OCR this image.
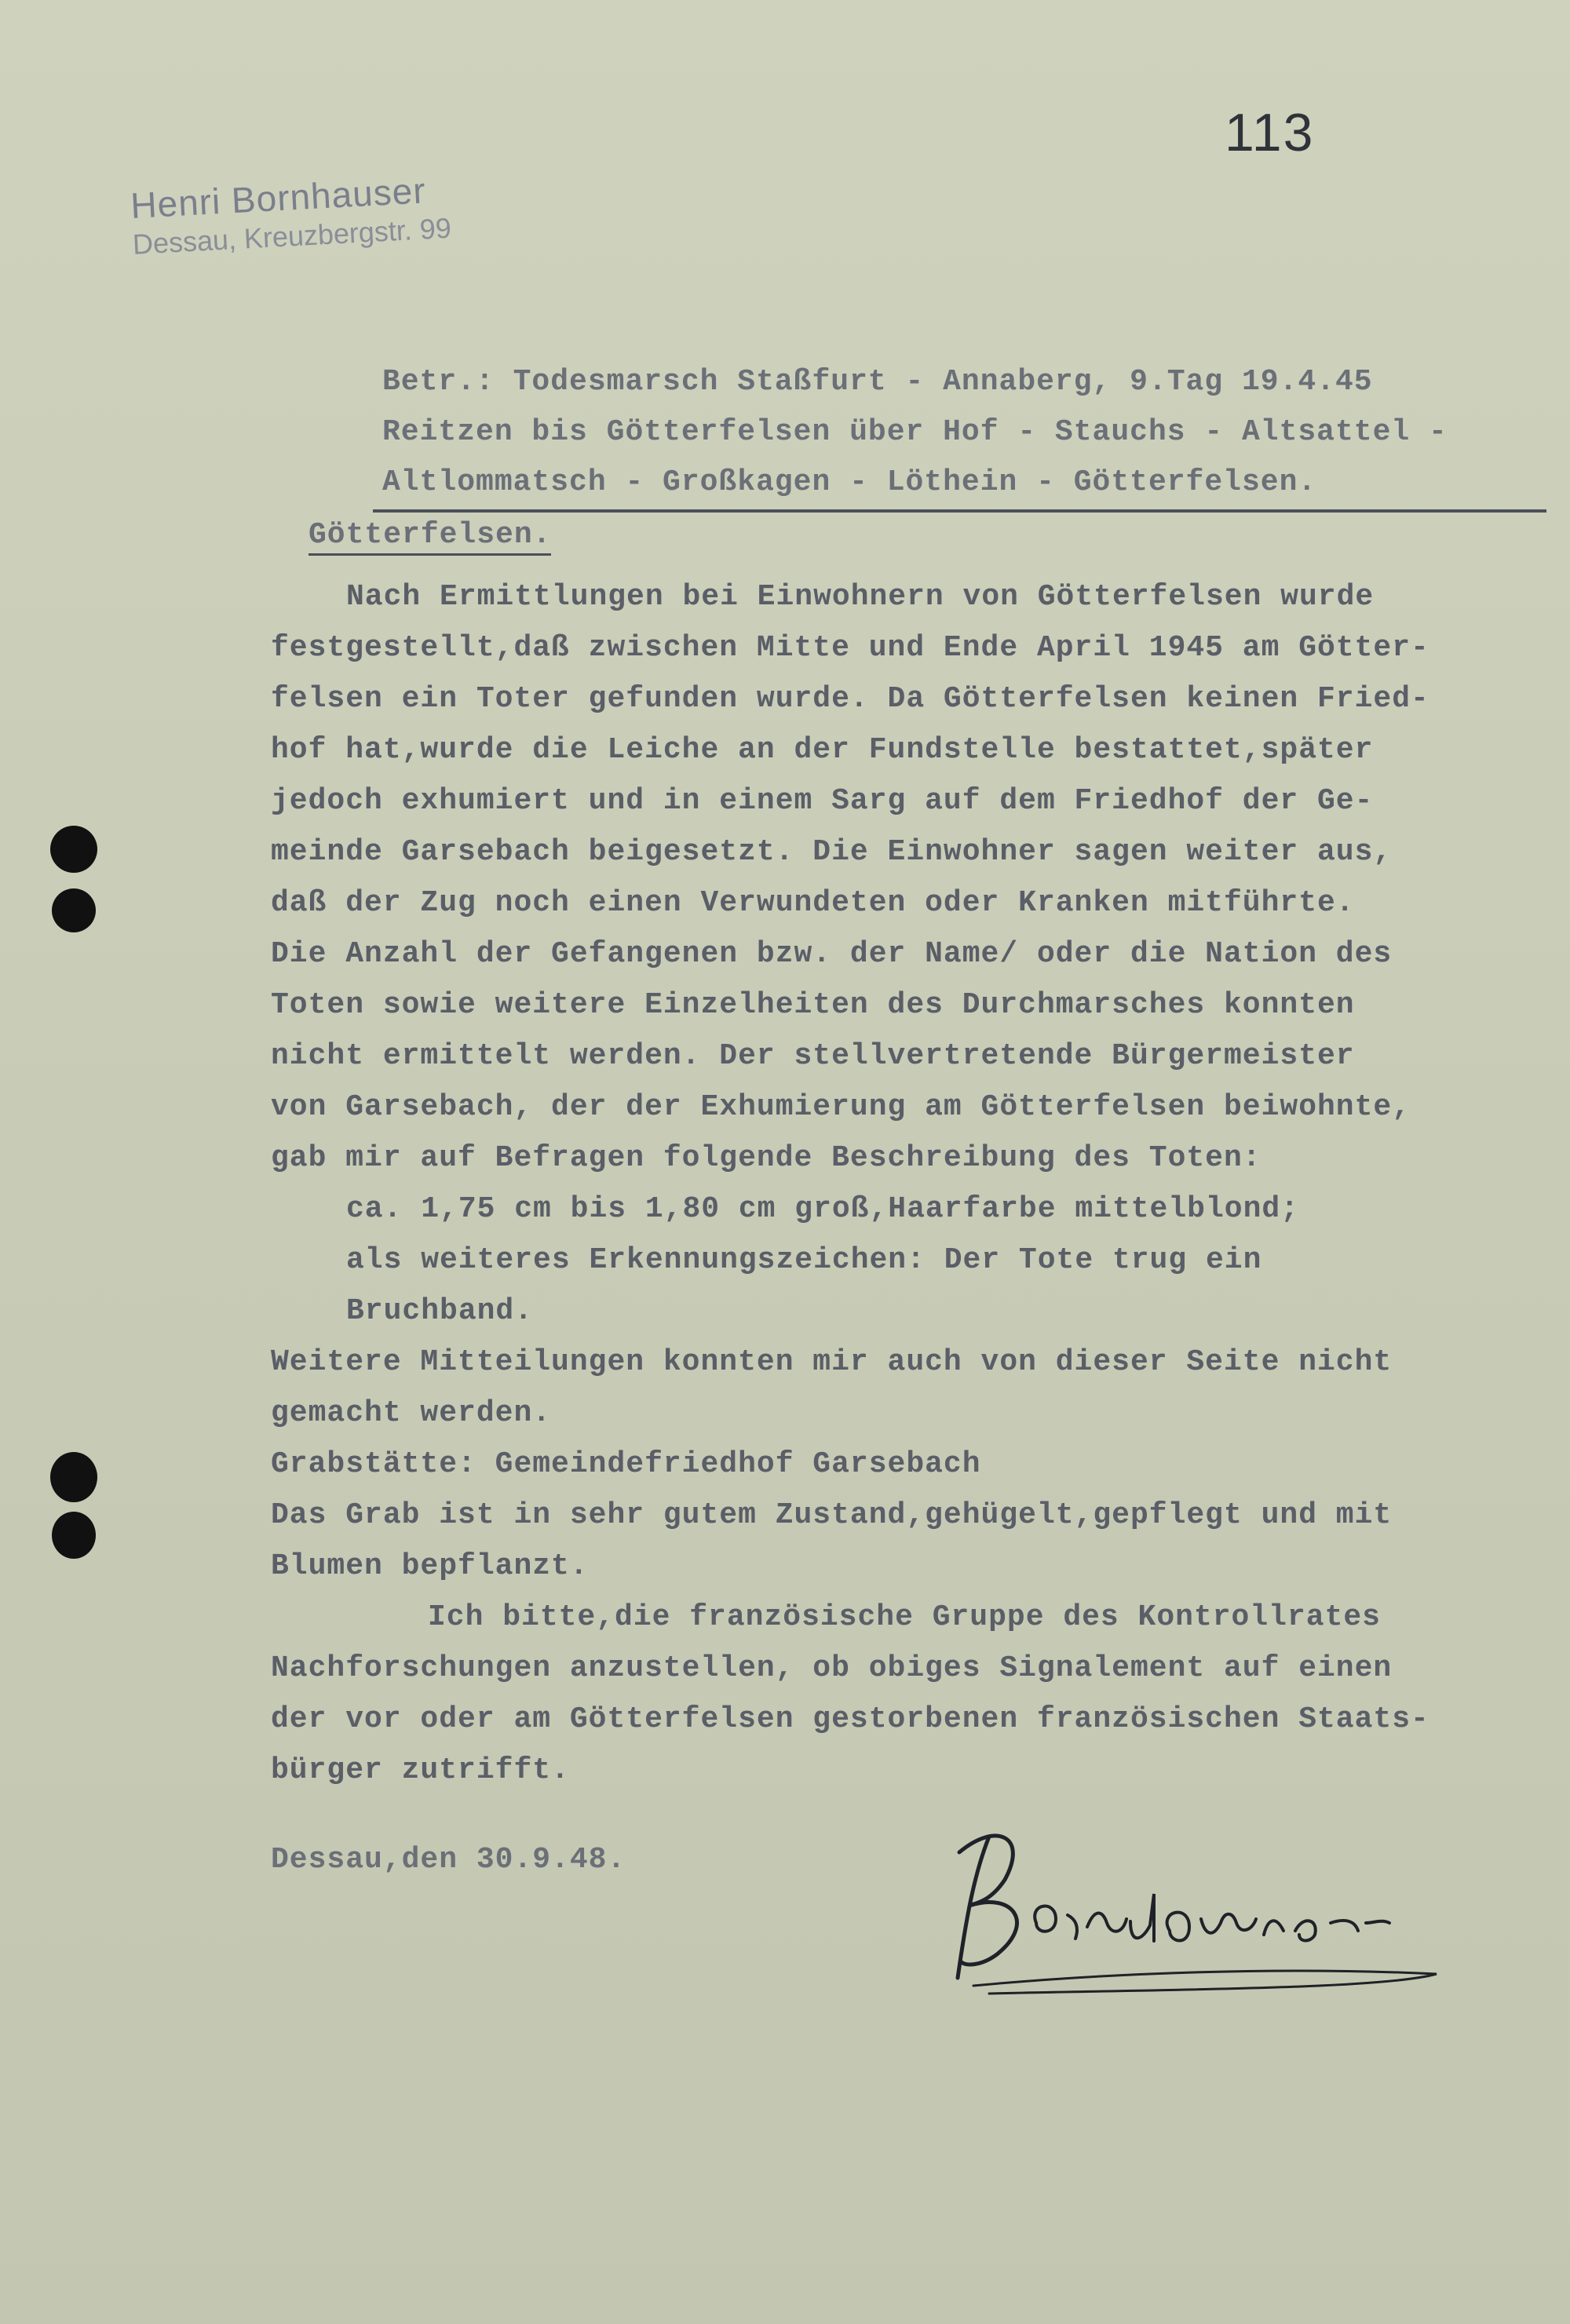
113
Henri Bornhauser
Dessau, Kreuzbergstr. 99
Betr.: Todesmarsch Staßfurt - Annaberg, 9.Tag 19.4.45
Reitzen bis Götterfelsen über Hof - Stauchs - Altsattel -
Altlommatsch - Großkagen - Löthein - Götterfelsen.
Götterfelsen.
Nach Ermittlungen bei Einwohnern von Götterfelsen wurde
festgestellt,daß zwischen Mitte und Ende April 1945 am Götter-
felsen ein Toter gefunden wurde. Da Götterfelsen keinen Fried-
hof hat,wurde die Leiche an der Fundstelle bestattet,später
jedoch exhumiert und in einem Sarg auf dem Friedhof der Ge-
meinde Garsebach beigesetzt. Die Einwohner sagen weiter aus,
daß der Zug noch einen Verwundeten oder Kranken mitführte.
Die Anzahl der Gefangenen bzw. der Name/ oder die Nation des
Toten sowie weitere Einzelheiten des Durchmarsches konnten
nicht ermittelt werden. Der stellvertretende Bürgermeister
von Garsebach, der der Exhumierung am Götterfelsen beiwohnte,
gab mir auf Befragen folgende Beschreibung des Toten:
ca. 1,75 cm bis 1,80 cm groß,Haarfarbe mittelblond;
als weiteres Erkennungszeichen: Der Tote trug ein
Bruchband.
Weitere Mitteilungen konnten mir auch von dieser Seite nicht
gemacht werden.
Grabstätte: Gemeindefriedhof Garsebach
Das Grab ist in sehr gutem Zustand,gehügelt,gepflegt und mit
Blumen bepflanzt.
Ich bitte,die französische Gruppe des Kontrollrates
Nachforschungen anzustellen, ob obiges Signalement auf einen
der vor oder am Götterfelsen gestorbenen französischen Staats-
bürger zutrifft.
Dessau,den 30.9.48.
